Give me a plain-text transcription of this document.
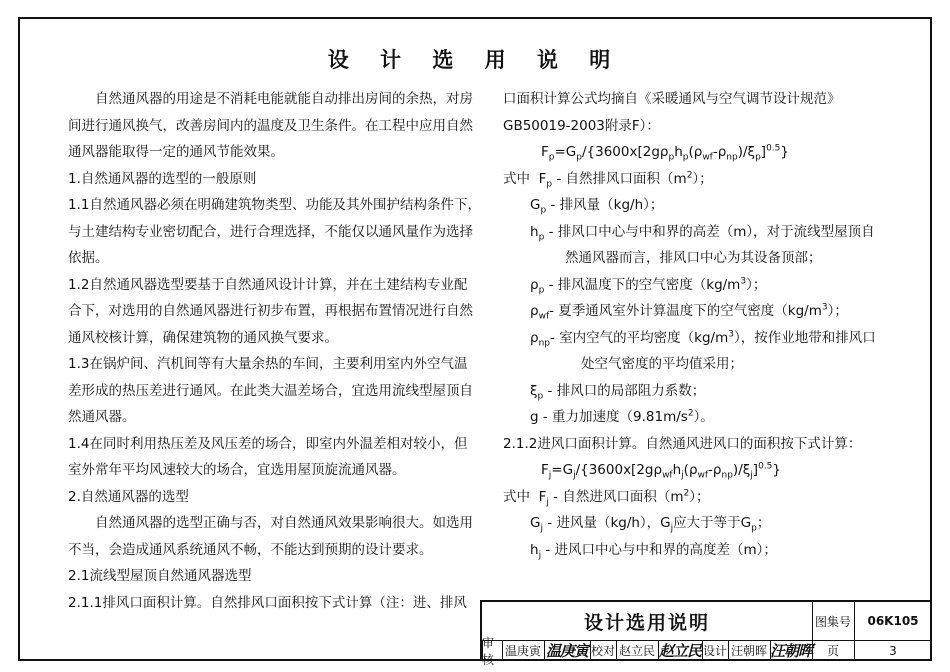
设 计 选 用 说 明

自然通风器的用途是不消耗电能就能自动排出房间的余热，对房

间进行通风换气，改善房间内的温度及卫生条件。在工程中应用自然

通风器能取得一定的通风节能效果。

1.自然通风器的选型的一般原则

1.1自然通风器必须在明确建筑物类型、功能及其外围护结构条件下，

与土建结构专业密切配合，进行合理选择，不能仅以通风量作为选择

依据。

1.2自然通风器选型要基于自然通风设计计算，并在土建结构专业配

合下，对选用的自然通风器进行初步布置，再根据布置情况进行自然

通风校核计算，确保建筑物的通风换气要求。

1.3在锅炉间、汽机间等有大量余热的车间，主要利用室内外空气温

差形成的热压差进行通风。在此类大温差场合，宜选用流线型屋顶自

然通风器。

1.4在同时利用热压差及风压差的场合，即室内外温差相对较小，但

室外常年平均风速较大的场合，宜选用屋顶旋流通风器。

2.自然通风器的选型

自然通风器的选型正确与否，对自然通风效果影响很大。如选用

不当，会造成通风系统通风不畅，不能达到预期的设计要求。

2.1流线型屋顶自然通风器选型

2.1.1排风口面积计算。自然排风口面积按下式计算（注：进、排风

口面积计算公式均摘自《采暖通风与空气调节设计规范》

GB50019-2003附录F）：

$F_p=G_p/\{3600x[2g\rho_ph_p(\rho_{wf}-\rho_{np})/\xi_p]^{0.5}\}$

式中 $F_p$ - 自然排风口面积$(m^2)$；

$G_p$ - 排风量（kg/h）；

$h_p$ - 排风口中心与中和界的高差（m），对于流线型屋顶自

然通风器而言，排风口中心为其设备顶部；

$\rho_p$ - 排风温度下的空气密度$(kg/m^3)$；

$\rho_{wf}-$ 夏季通风室外计算温度下的空气密度$(kg/m^3)$；

$\rho_{np}-$ 室内空气的平均密度$(kg/m^3)$，按作业地带和排风口

处空气密度的平均值采用；

$\xi_p$ - 排风口的局部阻力系数；

g - 重力加速度$(9.81m/s^2)$。

2.1.2进风口面积计算。自然通风进风口的面积按下式计算：

$F_j=G_j/\{3600x[2g\rho_{wf}h_j(\rho_{wf}-\rho_{np})/\xi_j]^{0.5}\}$

式中 $F_j$ - 自然进风口面积$(m^2)$；

$G_j$ - 进风量（kg/h），$G_j$应大于等于$G_p$；

$h_j$ - 进风口中心与中和界的高度差（m）；

设计选用说明	图集号	06K105
审核
温庚寅 温庚寅 校对 赵立民 赵立民 设计 汪朝晖 汪朝晖	页	3
